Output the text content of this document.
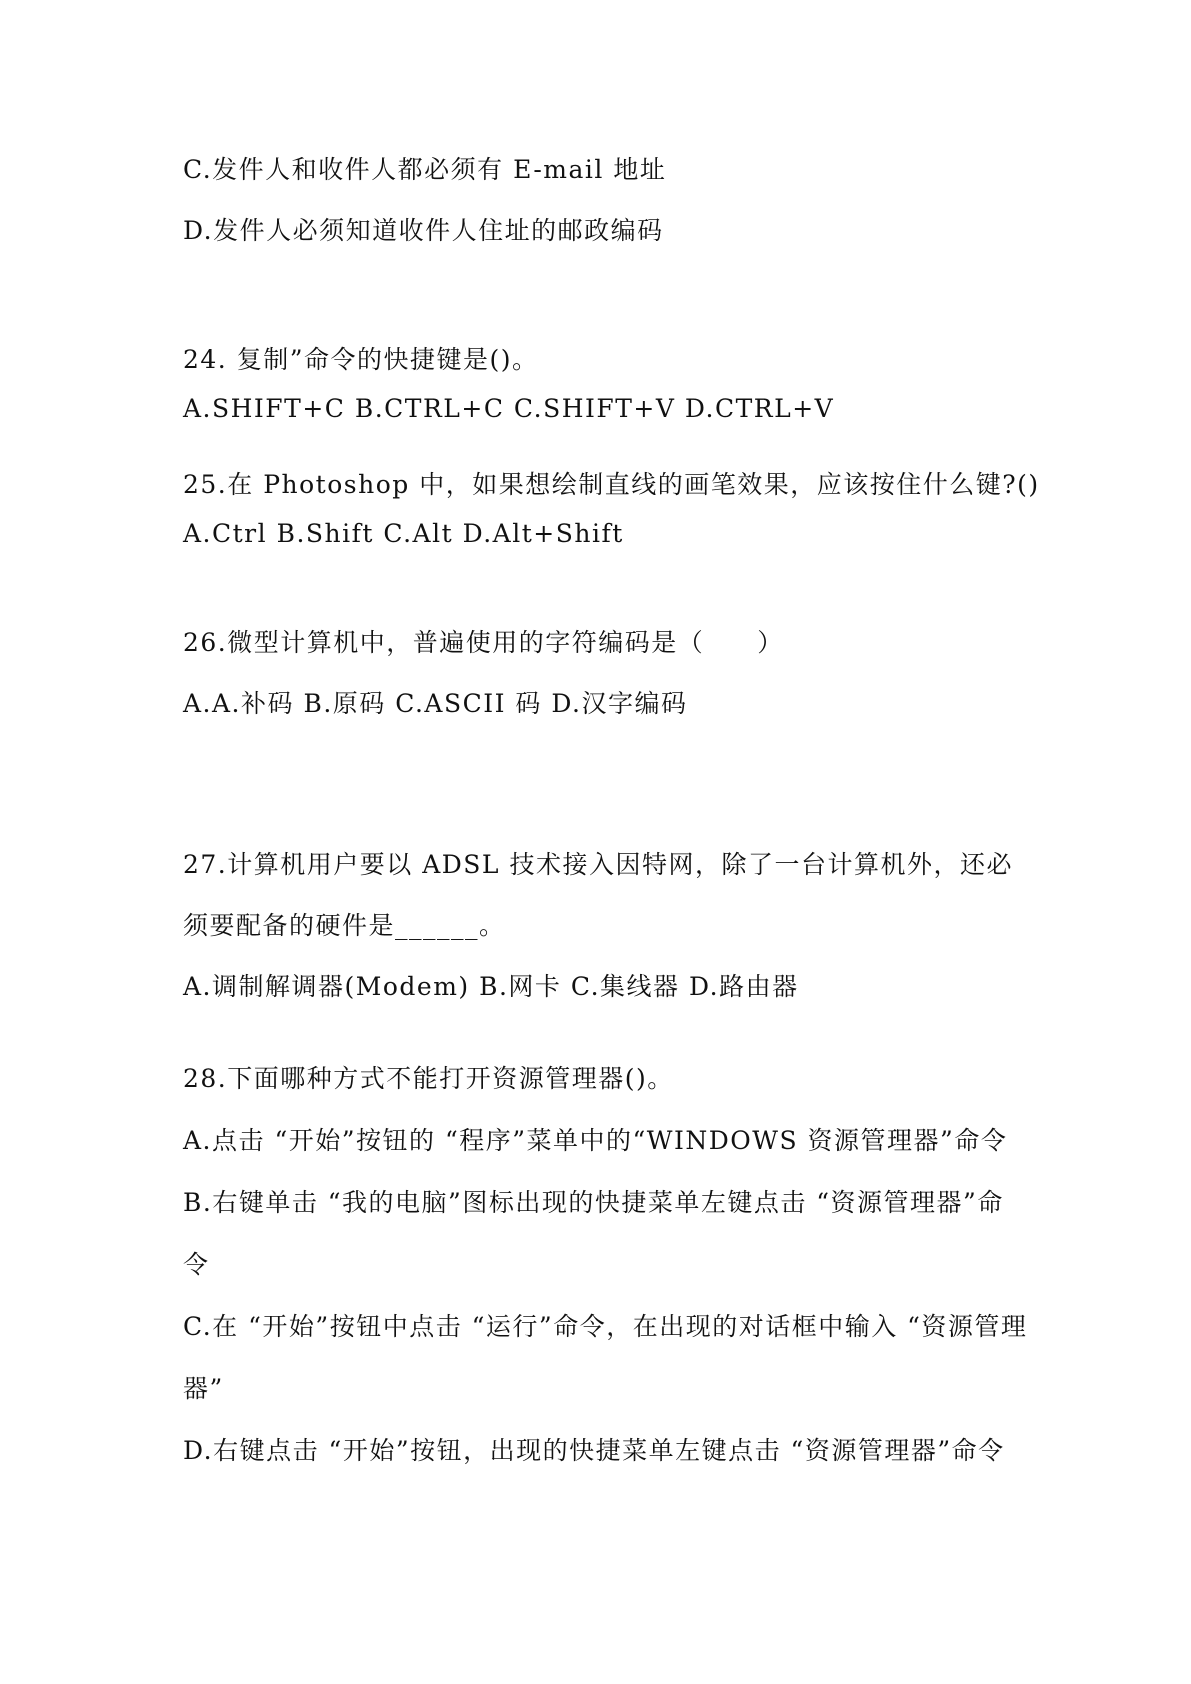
C.发件人和收件人都必须有 E-mail 地址
D.发件人必须知道收件人住址的邮政编码
24. 复制”命令的快捷键是()。
A.SHIFT+C B.CTRL+C C.SHIFT+V D.CTRL+V
25.在 Photoshop 中，如果想绘制直线的画笔效果，应该按住什么键?()
A.Ctrl B.Shift C.Alt D.Alt+Shift
26.微型计算机中，普遍使用的字符编码是（　　）
A.A.补码 B.原码 C.ASCII 码 D.汉字编码
27.计算机用户要以 ADSL 技术接入因特网，除了一台计算机外，还必
须要配备的硬件是______。
A.调制解调器(Modem) B.网卡 C.集线器 D.路由器
28.下面哪种方式不能打开资源管理器()。
A.点击 “开始”按钮的 “程序”菜单中的“WINDOWS 资源管理器”命令
B.右键单击 “我的电脑”图标出现的快捷菜单左键点击 “资源管理器”命
令
C.在 “开始”按钮中点击 “运行”命令，在出现的对话框中输入 “资源管理
器”
D.右键点击 “开始”按钮，出现的快捷菜单左键点击 “资源管理器”命令
